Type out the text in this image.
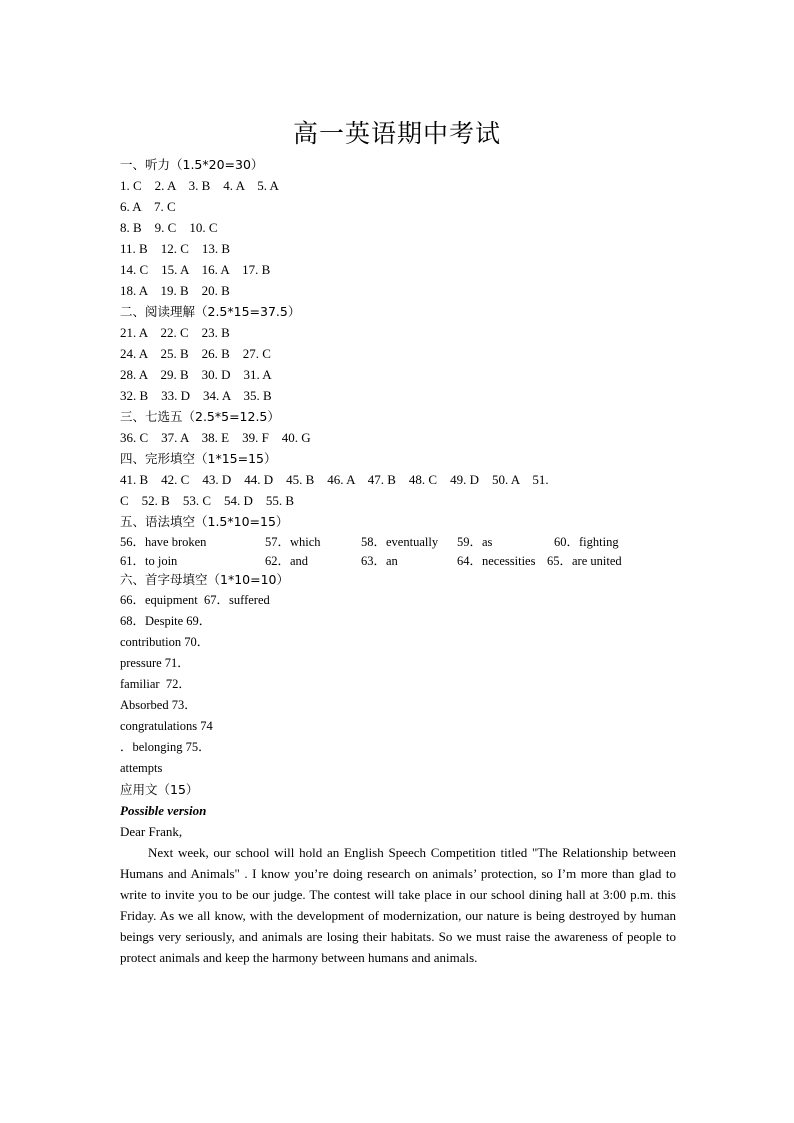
高一英语期中考试
一、听力（1.5*20=30）
1. C    2. A    3. B    4. A    5. A
6. A    7. C
8. B    9. C    10. C
11. B    12. C    13. B
14. C    15. A    16. A    17. B
18. A    19. B    20. B
二、阅读理解（2.5*15=37.5）
21. A    22. C    23. B
24. A    25. B    26. B    27. C
28. A    29. B    30. D    31. A
32. B    33. D    34. A    35. B
三、七选五（2.5*5=12.5）
36. C    37. A    38. E    39. F    40. G
四、完形填空（1*15=15）
41. B    42. C    43. D    44. D    45. B    46. A    47. B    48. C    49. D    50. A    51.
C    52. B    53. C    54. D    55. B
五、语法填空（1.5*10=15）
56．have broken	57．which	58．eventually 59．as	60．fighting
61．to join	62．and	63．an	64．necessities 65．are united
六、首字母填空（1*10=10）
66．equipment  67．suffered
68．Despite 69．
contribution 70．
pressure 71．
familiar  72．
Absorbed 73．
congratulations 74
．belonging 75．
attempts
应用文（15）
Possible version
Dear Frank,
Next week, our school will hold an English Speech Competition titled "The Relationship between Humans and Animals" . I know you’re doing research on animals’ protection, so I’m more than glad to write to invite you to be our judge. The contest will take place in our school dining hall at 3:00 p.m. this Friday. As we all know, with the development of modernization, our nature is being destroyed by human beings very seriously, and animals are losing their habitats. So we must raise the awareness of people to protect animals and keep the harmony between humans and animals.
